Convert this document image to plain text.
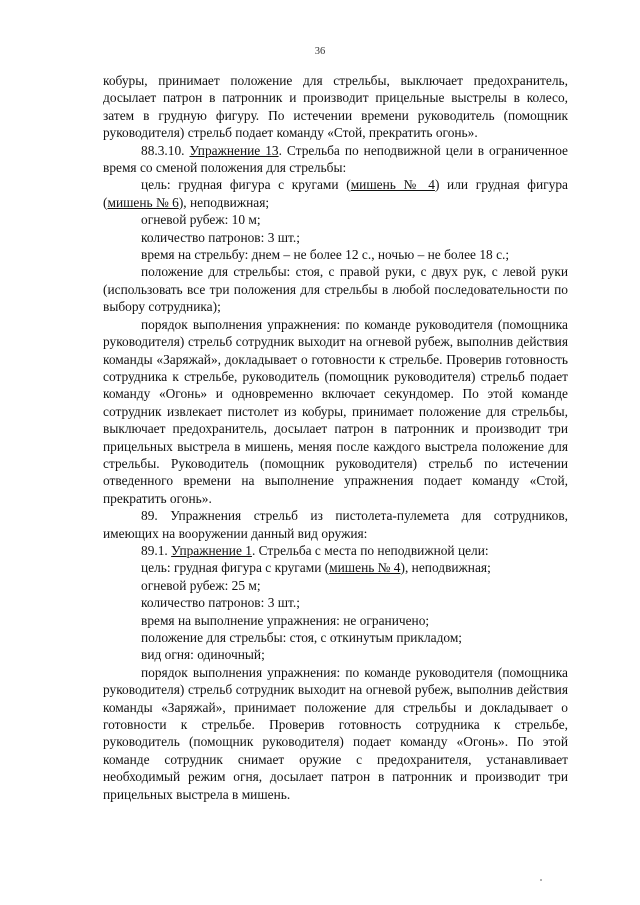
36

кобуры, принимает положение для стрельбы, выключает предохранитель, досылает патрон в патронник и производит прицельные выстрелы в колесо, затем в грудную фигуру. По истечении времени руководитель (помощник руководителя) стрельб подает команду «Стой, прекратить огонь».

88.3.10. Упражнение 13. Стрельба по неподвижной цели в ограниченное время со сменой положения для стрельбы:

цель: грудная фигура с кругами (мишень № 4) или грудная фигура (мишень № 6), неподвижная;

огневой рубеж: 10 м;

количество патронов: 3 шт.;

время на стрельбу: днем – не более 12 с., ночью – не более 18 с.;

положение для стрельбы: стоя, с правой руки, с двух рук, с левой руки (использовать все три положения для стрельбы в любой последовательности по выбору сотрудника);

порядок выполнения упражнения: по команде руководителя (помощника руководителя) стрельб сотрудник выходит на огневой рубеж, выполнив действия команды «Заряжай», докладывает о готовности к стрельбе. Проверив готовность сотрудника к стрельбе, руководитель (помощник руководителя) стрельб подает команду «Огонь» и одновременно включает секундомер. По этой команде сотрудник извлекает пистолет из кобуры, принимает положение для стрельбы, выключает предохранитель, досылает патрон в патронник и производит три прицельных выстрела в мишень, меняя после каждого выстрела положение для стрельбы. Руководитель (помощник руководителя) стрельб по истечении отведенного времени на выполнение упражнения подает команду «Стой, прекратить огонь».

89. Упражнения стрельб из пистолета-пулемета для сотрудников, имеющих на вооружении данный вид оружия:

89.1. Упражнение 1. Стрельба с места по неподвижной цели:

цель: грудная фигура с кругами (мишень № 4), неподвижная;

огневой рубеж: 25 м;

количество патронов: 3 шт.;

время на выполнение упражнения: не ограничено;

положение для стрельбы: стоя, с откинутым прикладом;

вид огня: одиночный;

порядок выполнения упражнения: по команде руководителя (помощника руководителя) стрельб сотрудник выходит на огневой рубеж, выполнив действия команды «Заряжай», принимает положение для стрельбы и докладывает о готовности к стрельбе. Проверив готовность сотрудника к стрельбе, руководитель (помощник руководителя) подает команду «Огонь». По этой команде сотрудник снимает оружие с предохранителя, устанавливает необходимый режим огня, досылает патрон в патронник и производит три прицельных выстрела в мишень.
